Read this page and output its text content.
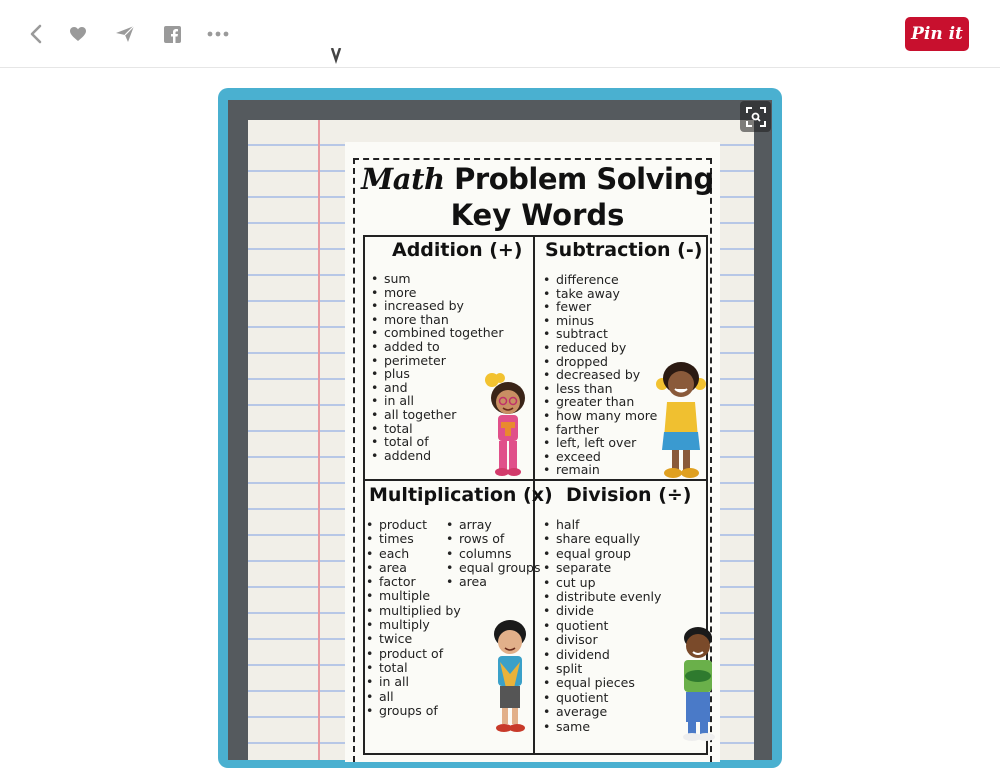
Pin it
Math Problem Solving
Key Words
Addition (+)
• sum
• more
• increased by
• more than
• combined together
• added to
• perimeter
• plus
• and
• in all
• all together
• total
• total of
• addend
Subtraction (-)
• difference
• take away
• fewer
• minus
• subtract
• reduced by
• dropped
• decreased by
• less than
• greater than
• how many more
• farther
• left, left over
• exceed
• remain
Multiplication (x)
• product
• times
• each
• area
• factor
• multiple
• multiplied by
• multiply
• twice
• product of
• total
• in all
• all
• groups of
• array
• rows of
• columns
• equal groups
• area
Division (÷)
• half
• share equally
• equal group
• separate
• cut up
• distribute evenly
• divide
• quotient
• divisor
• dividend
• split
• equal pieces
• quotient
• average
• same
